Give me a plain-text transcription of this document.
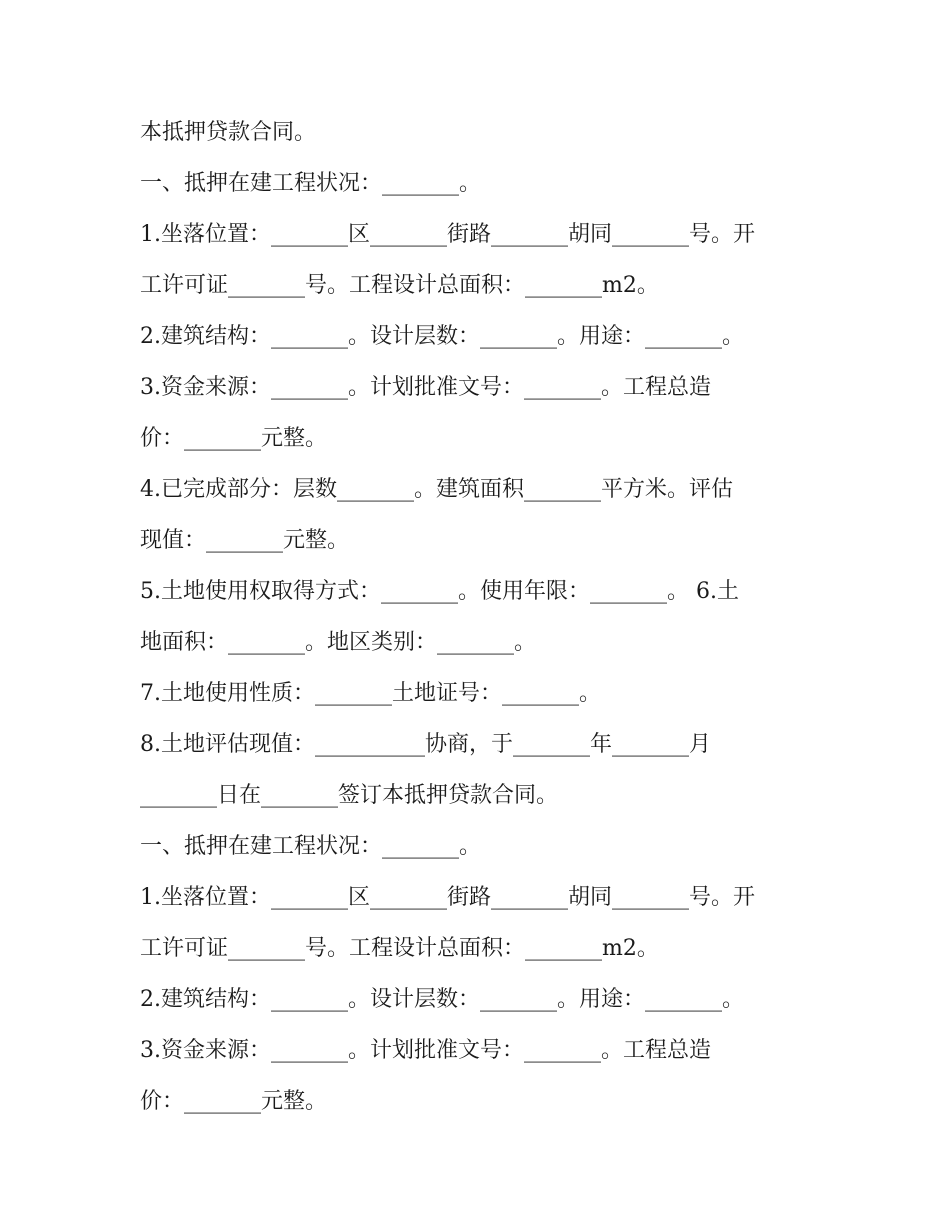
本抵押贷款合同。
一、抵押在建工程状况：_______。
1.坐落位置：_______区_______街路_______胡同_______号。开
工许可证_______号。工程设计总面积：_______m2。
2.建筑结构：_______。设计层数：_______。用途：_______。
3.资金来源：_______。计划批准文号：_______。工程总造
价：_______元整。
4.已完成部分：层数_______。建筑面积_______平方米。评估
现值：_______元整。
5.土地使用权取得方式：_______。使用年限：_______。 6.土
地面积：_______。地区类别：_______。
7.土地使用性质：_______土地证号：_______。
8.土地评估现值：__________协商，于_______年_______月
_______日在_______签订本抵押贷款合同。
一、抵押在建工程状况：_______。
1.坐落位置：_______区_______街路_______胡同_______号。开
工许可证_______号。工程设计总面积：_______m2。
2.建筑结构：_______。设计层数：_______。用途：_______。
3.资金来源：_______。计划批准文号：_______。工程总造
价：_______元整。
